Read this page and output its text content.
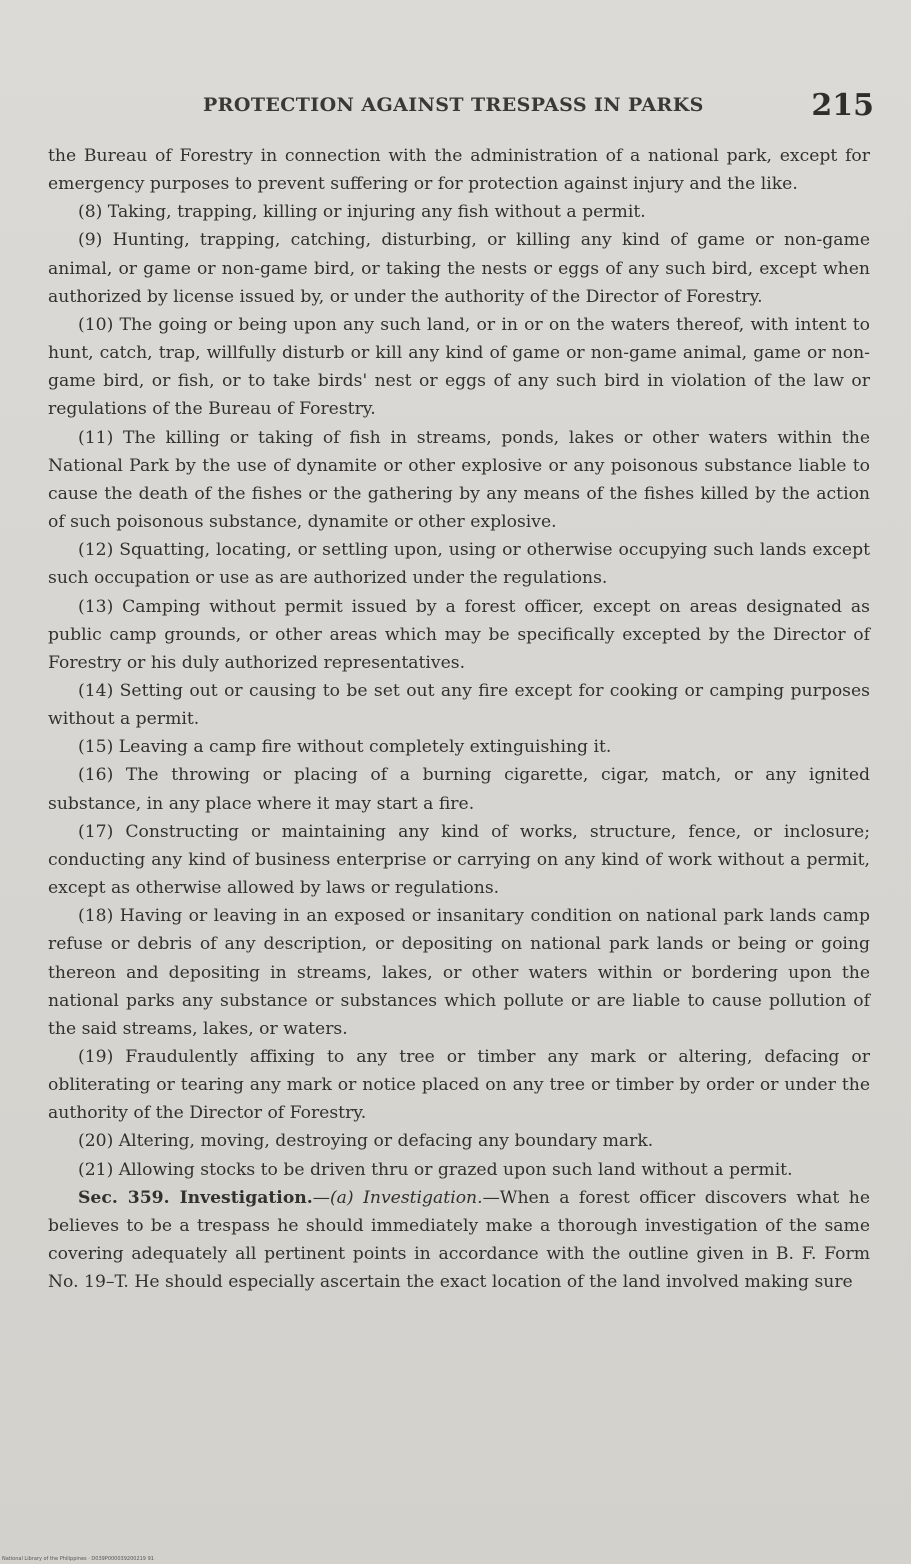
PROTECTION AGAINST TRESPASS IN PARKS	215

the Bureau of Forestry in connection with the administration of a national park, except for emergency purposes to prevent suffering or for protection against injury and the like.

(8) Taking, trapping, killing or injuring any fish without a permit.

(9) Hunting, trapping, catching, disturbing, or killing any kind of game or non-game animal, or game or non-game bird, or taking the nests or eggs of any such bird, except when authorized by license issued by, or under the authority of the Director of Forestry.

(10) The going or being upon any such land, or in or on the waters thereof, with intent to hunt, catch, trap, willfully disturb or kill any kind of game or non-game animal, game or non-game bird, or fish, or to take birds' nest or eggs of any such bird in violation of the law or regulations of the Bureau of Forestry.

(11) The killing or taking of fish in streams, ponds, lakes or other waters within the National Park by the use of dynamite or other explosive or any poisonous substance liable to cause the death of the fishes or the gathering by any means of the fishes killed by the action of such poisonous substance, dynamite or other explosive.

(12) Squatting, locating, or settling upon, using or otherwise occupying such lands except such occupation or use as are authorized under the regulations.

(13) Camping without permit issued by a forest officer, except on areas designated as public camp grounds, or other areas which may be specifically excepted by the Director of Forestry or his duly authorized representatives.

(14) Setting out or causing to be set out any fire except for cooking or camping purposes without a permit.

(15) Leaving a camp fire without completely extinguishing it.

(16) The throwing or placing of a burning cigarette, cigar, match, or any ignited substance, in any place where it may start a fire.

(17) Constructing or maintaining any kind of works, structure, fence, or inclosure; conducting any kind of business enterprise or carrying on any kind of work without a permit, except as otherwise allowed by laws or regulations.

(18) Having or leaving in an exposed or insanitary condition on national park lands camp refuse or debris of any description, or depositing on national park lands or being or going thereon and depositing in streams, lakes, or other waters within or bordering upon the national parks any substance or substances which pollute or are liable to cause pollution of the said streams, lakes, or waters.

(19) Fraudulently affixing to any tree or timber any mark or altering, defacing or obliterating or tearing any mark or notice placed on any tree or timber by order or under the authority of the Director of Forestry.

(20) Altering, moving, destroying or defacing any boundary mark.

(21) Allowing stocks to be driven thru or grazed upon such land without a permit.

Sec. 359. Investigation.—(a) Investigation.—When a forest officer discovers what he believes to be a trespass he should immediately make a thorough investigation of the same covering adequately all pertinent points in accordance with the outline given in B. F. Form No. 19–T. He should especially ascertain the exact location of the land involved making sure

National Library of the Philippines · D039P000039200219 91
